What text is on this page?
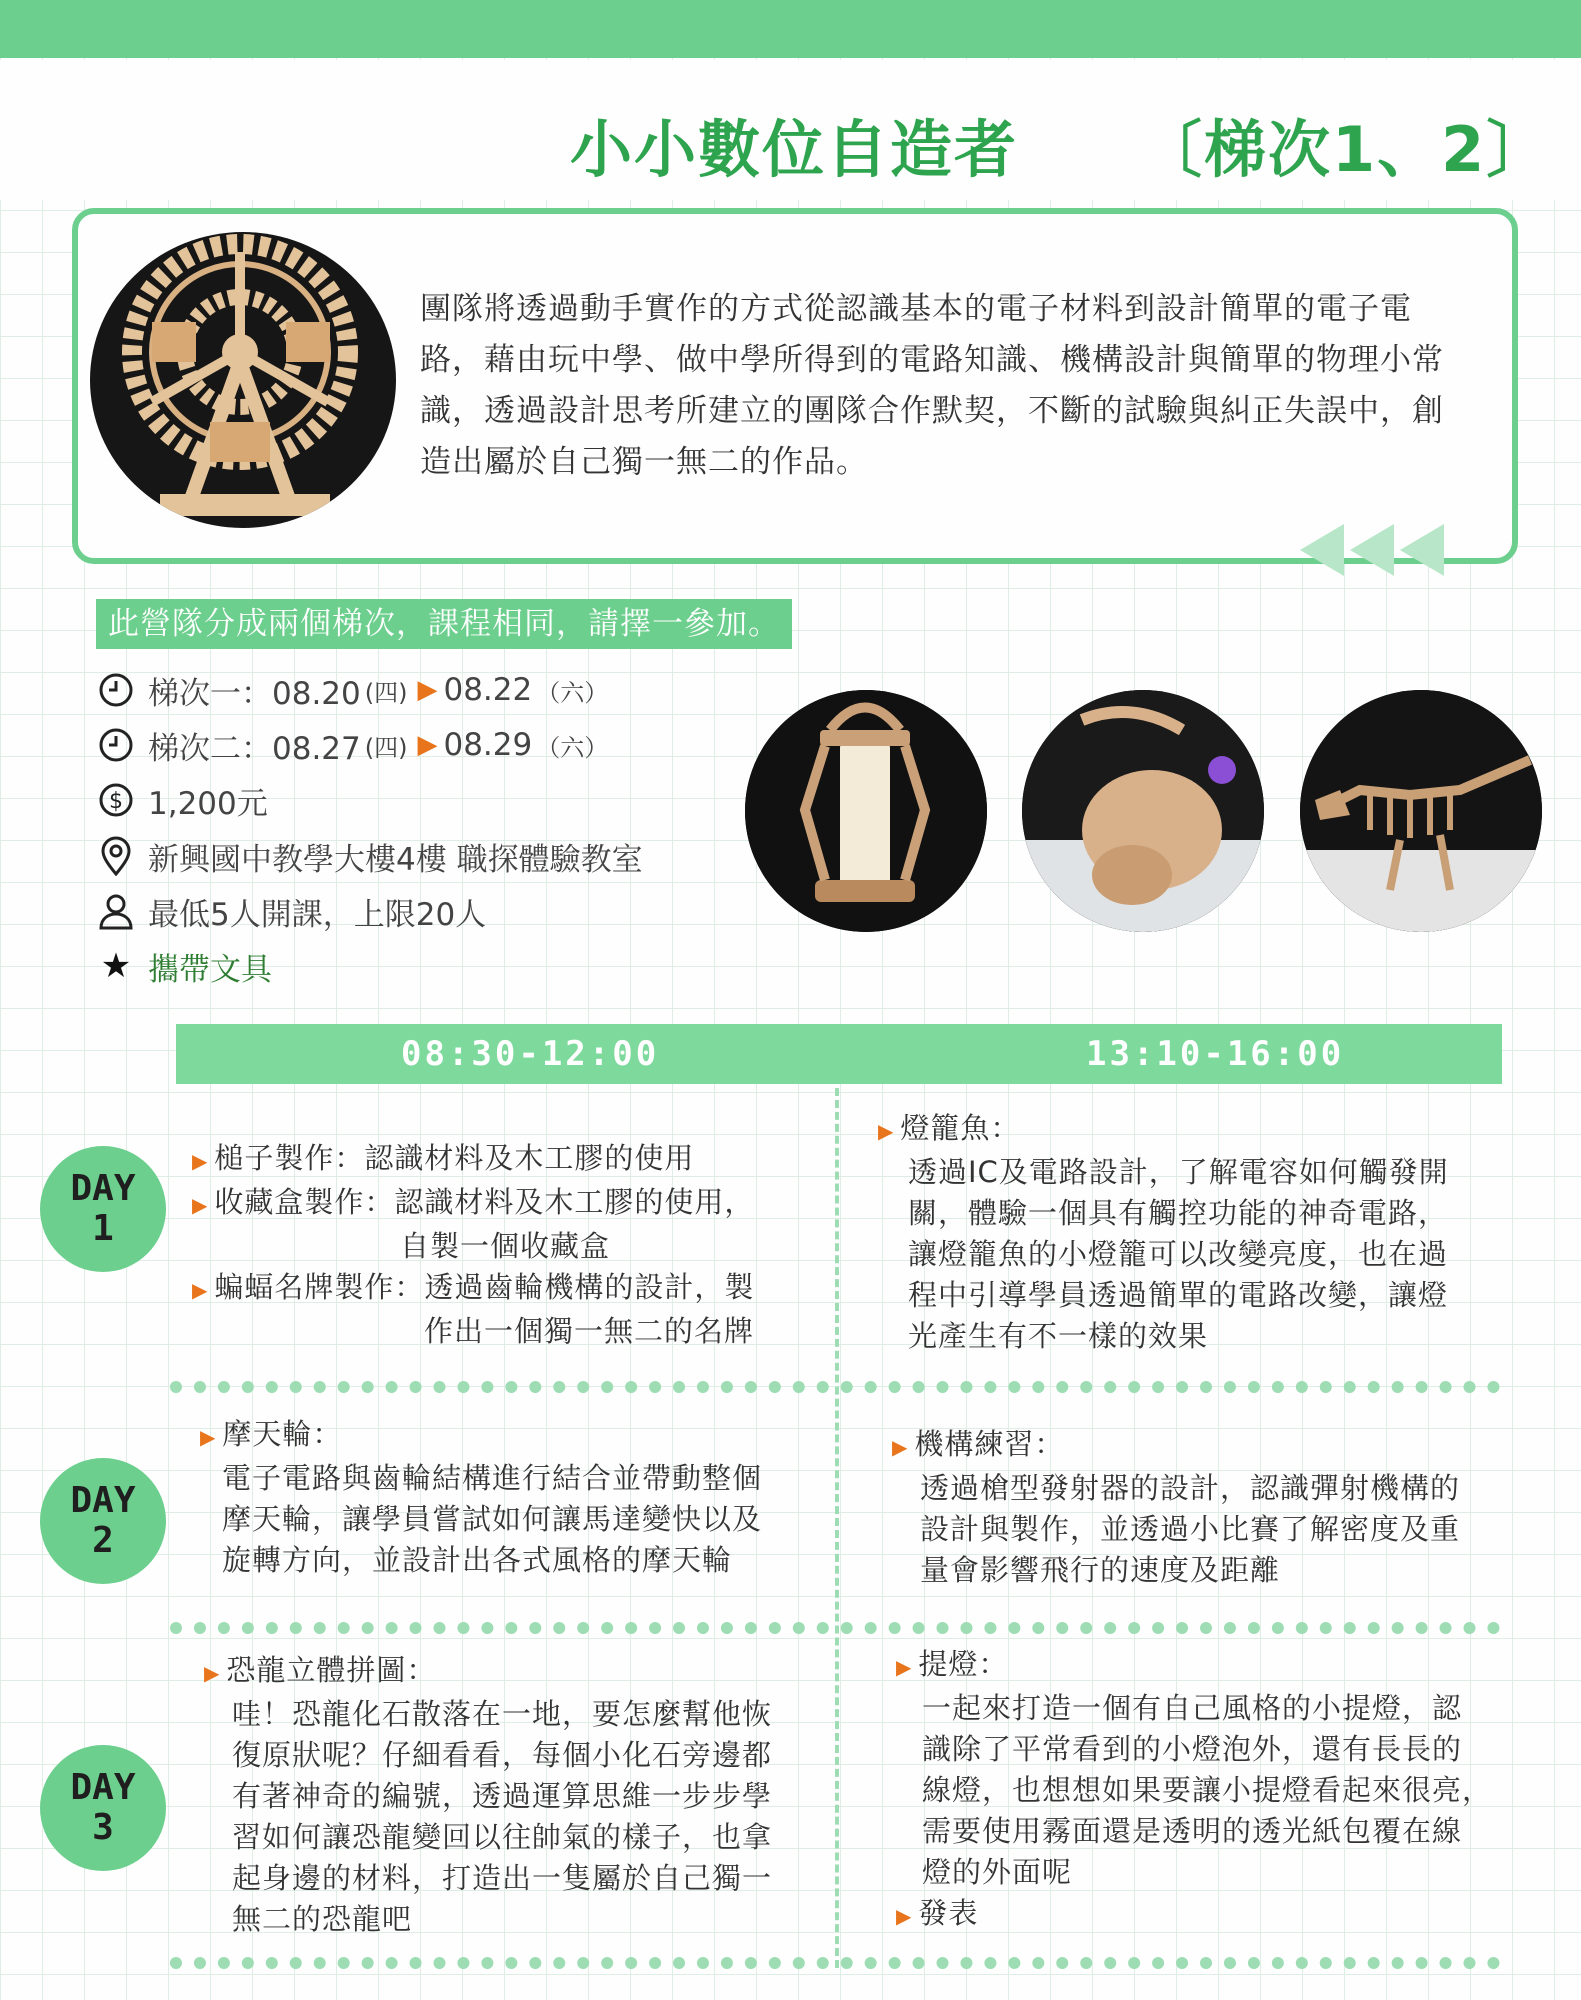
小小數位自造者 〔梯次1、2〕
團隊將透過動手實作的方式從認識基本的電子材料到設計簡單的電子電路，藉由玩中學、做中學所得到的電路知識、機構設計與簡單的物理小常識，透過設計思考所建立的團隊合作默契，不斷的試驗與糾正失誤中，創造出屬於自己獨一無二的作品。
此營隊分成兩個梯次，課程相同，請擇一參加。
梯次一：08.20 (四) ▶ 08.22 （六）
梯次二：08.27 (四) ▶ 08.29 （六）
$ 1,200元
新興國中教學大樓4樓 職探體驗教室
最低5人開課，上限20人
★ 攜帶文具
08:30-12:00	13:10-16:00
DAY
1
▶ 槌子製作：認識材料及木工膠的使用
▶ 收藏盒製作：認識材料及木工膠的使用，
自製一個收藏盒
▶ 蝙蝠名牌製作：透過齒輪機構的設計，製
作出一個獨一無二的名牌
▶ 燈籠魚：
透過IC及電路設計，了解電容如何觸發開
關，體驗一個具有觸控功能的神奇電路，
讓燈籠魚的小燈籠可以改變亮度，也在過
程中引導學員透過簡單的電路改變，讓燈
光產生有不一樣的效果
DAY
2
▶ 摩天輪：
電子電路與齒輪結構進行結合並帶動整個
摩天輪，讓學員嘗試如何讓馬達變快以及
旋轉方向，並設計出各式風格的摩天輪
▶ 機構練習：
透過槍型發射器的設計，認識彈射機構的
設計與製作，並透過小比賽了解密度及重
量會影響飛行的速度及距離
DAY
3
▶ 恐龍立體拼圖：
哇！恐龍化石散落在一地，要怎麼幫他恢
復原狀呢？仔細看看，每個小化石旁邊都
有著神奇的編號，透過運算思維一步步學
習如何讓恐龍變回以往帥氣的樣子，也拿
起身邊的材料，打造出一隻屬於自己獨一
無二的恐龍吧
▶ 提燈：
一起來打造一個有自己風格的小提燈，認
識除了平常看到的小燈泡外，還有長長的
線燈，也想想如果要讓小提燈看起來很亮，
需要使用霧面還是透明的透光紙包覆在線
燈的外面呢
▶ 發表
